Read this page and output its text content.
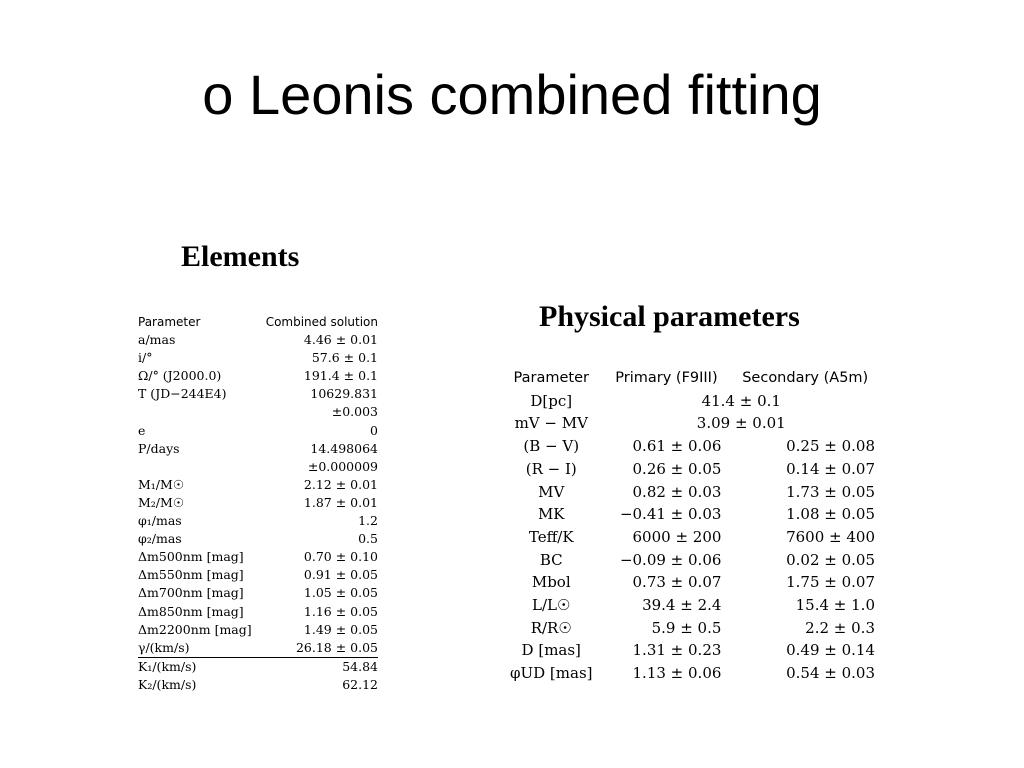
o Leonis combined fitting
Elements
Parameter	Combined solution
a/mas	4.46 ± 0.01
i/°	57.6 ± 0.1
Ω/° (J2000.0)	191.4 ± 0.1
T (JD−244E4)	10629.831
	±0.003
e	0
P/days	14.498064
	±0.000009
M₁/M☉	2.12 ± 0.01
M₂/M☉	1.87 ± 0.01
φ₁/mas	1.2
φ₂/mas	0.5
Δm500nm [mag]	0.70 ± 0.10
Δm550nm [mag]	0.91 ± 0.05
Δm700nm [mag]	1.05 ± 0.05
Δm850nm [mag]	1.16 ± 0.05
Δm2200nm [mag]	1.49 ± 0.05
γ/(km/s)	26.18 ± 0.05
K₁/(km/s)	54.84
K₂/(km/s)	62.12
Physical parameters
Parameter	Primary (F9III)	Secondary (A5m)
D[pc]	41.4 ± 0.1	
mV − MV	3.09 ± 0.01	
(B − V)	0.61 ± 0.06	0.25 ± 0.08
(R − I)	0.26 ± 0.05	0.14 ± 0.07
MV	0.82 ± 0.03	1.73 ± 0.05
MK	−0.41 ± 0.03	1.08 ± 0.05
Teff/K	6000 ± 200	7600 ± 400
BC	−0.09 ± 0.06	0.02 ± 0.05
Mbol	0.73 ± 0.07	1.75 ± 0.07
L/L☉	39.4 ± 2.4	15.4 ± 1.0
R/R☉	5.9 ± 0.5	2.2 ± 0.3
D [mas]	1.31 ± 0.23	0.49 ± 0.14
φUD [mas]	1.13 ± 0.06	0.54 ± 0.03
